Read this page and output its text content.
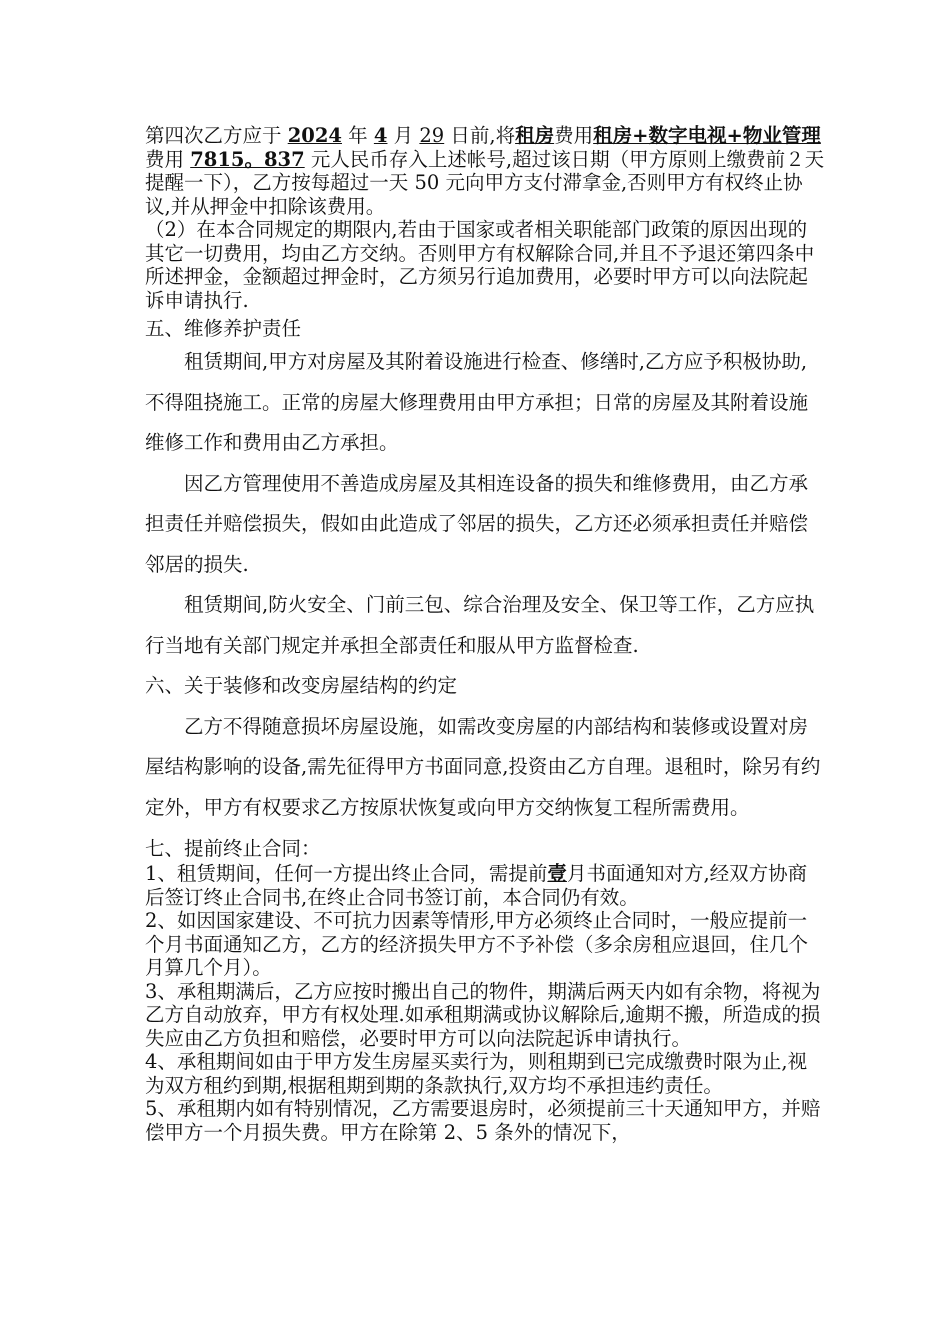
第四次乙方应于 2024 年 4 月 29 日前,将租房费用租房+数字电视+物业管理费用 7815。837 元人民币存入上述帐号,超过该日期（甲方原则上缴费前２天提醒一下），乙方按每超过一天 50 元向甲方支付滞拿金,否则甲方有权终止协议,并从押金中扣除该费用。

（2）在本合同规定的期限内,若由于国家或者相关职能部门政策的原因出现的其它一切费用，均由乙方交纳。否则甲方有权解除合同,并且不予退还第四条中所述押金，金额超过押金时，乙方须另行追加费用，必要时甲方可以向法院起诉申请执行.

五、维修养护责任

租赁期间,甲方对房屋及其附着设施进行检查、修缮时,乙方应予积极协助,不得阻挠施工。正常的房屋大修理费用由甲方承担；日常的房屋及其附着设施维修工作和费用由乙方承担。

因乙方管理使用不善造成房屋及其相连设备的损失和维修费用，由乙方承担责任并赔偿损失，假如由此造成了邻居的损失，乙方还必须承担责任并赔偿邻居的损失.

租赁期间,防火安全、门前三包、综合治理及安全、保卫等工作，乙方应执行当地有关部门规定并承担全部责任和服从甲方监督检查.

六、关于装修和改变房屋结构的约定

乙方不得随意损坏房屋设施，如需改变房屋的内部结构和装修或设置对房屋结构影响的设备,需先征得甲方书面同意,投资由乙方自理。退租时，除另有约定外，甲方有权要求乙方按原状恢复或向甲方交纳恢复工程所需费用。

七、提前终止合同：

1、租赁期间，任何一方提出终止合同，需提前壹月书面通知对方,经双方协商后签订终止合同书,在终止合同书签订前，本合同仍有效。

2、如因国家建设、不可抗力因素等情形,甲方必须终止合同时，一般应提前一个月书面通知乙方，乙方的经济损失甲方不予补偿（多余房租应退回，住几个月算几个月）。

3、承租期满后，乙方应按时搬出自己的物件，期满后两天内如有余物，将视为乙方自动放弃，甲方有权处理.如承租期满或协议解除后,逾期不搬，所造成的损失应由乙方负担和赔偿，必要时甲方可以向法院起诉申请执行。

4、承租期间如由于甲方发生房屋买卖行为，则租期到已完成缴费时限为止,视为双方租约到期,根据租期到期的条款执行,双方均不承担违约责任。

5、承租期内如有特别情况，乙方需要退房时，必须提前三十天通知甲方，并赔偿甲方一个月损失费。甲方在除第 2、5 条外的情况下，
